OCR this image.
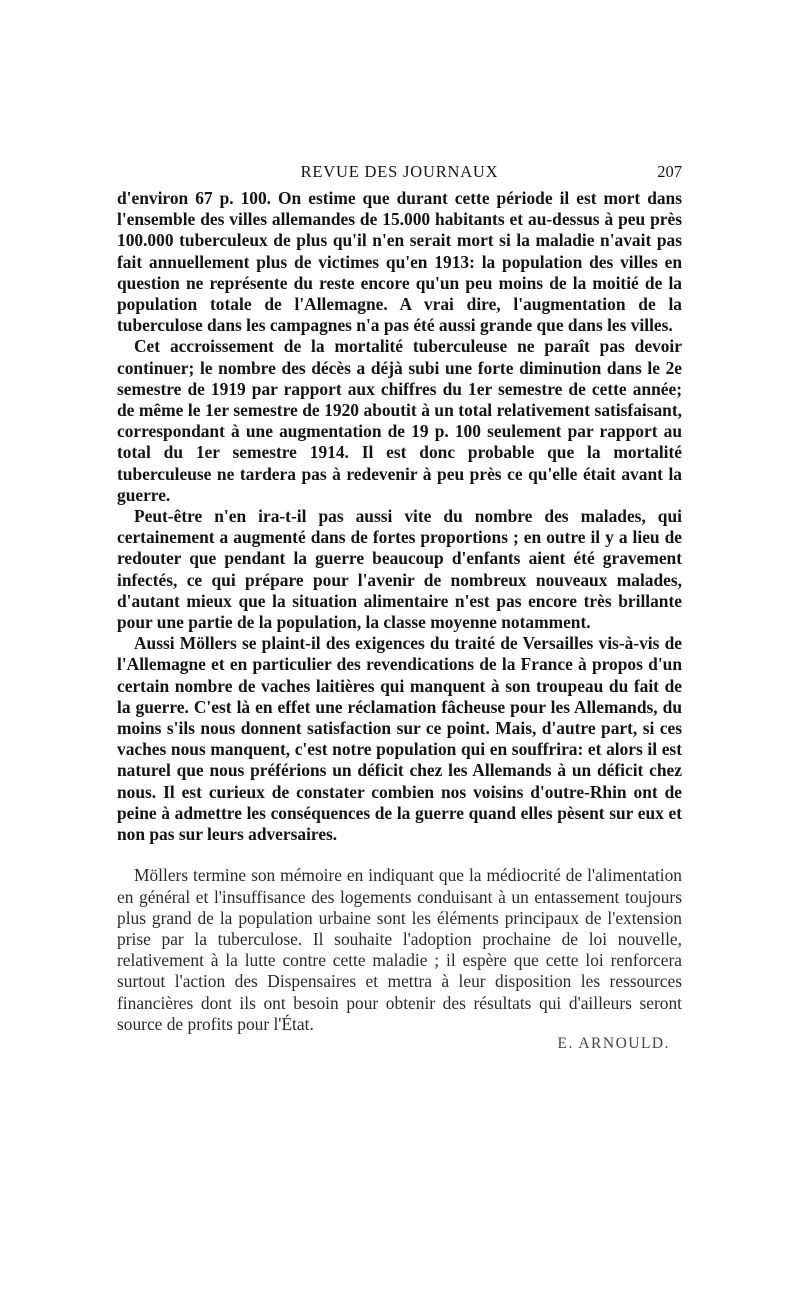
REVUE DES JOURNAUX	207

d'environ 67 p. 100. On estime que durant cette période il est mort dans l'ensemble des villes allemandes de 15.000 habitants et au-dessus à peu près 100.000 tuberculeux de plus qu'il n'en serait mort si la maladie n'avait pas fait annuellement plus de victimes qu'en 1913: la population des villes en question ne représente du reste encore qu'un peu moins de la moitié de la population totale de l'Allemagne. A vrai dire, l'augmentation de la tuberculose dans les campagnes n'a pas été aussi grande que dans les villes.

Cet accroissement de la mortalité tuberculeuse ne paraît pas devoir continuer; le nombre des décès a déjà subi une forte diminution dans le 2e semestre de 1919 par rapport aux chiffres du 1er semestre de cette année; de même le 1er semestre de 1920 aboutit à un total relativement satisfaisant, correspondant à une augmentation de 19 p. 100 seulement par rapport au total du 1er semestre 1914. Il est donc probable que la mortalité tuberculeuse ne tardera pas à redevenir à peu près ce qu'elle était avant la guerre.

Peut-être n'en ira-t-il pas aussi vite du nombre des malades, qui certainement a augmenté dans de fortes proportions ; en outre il y a lieu de redouter que pendant la guerre beaucoup d'enfants aient été gravement infectés, ce qui prépare pour l'avenir de nombreux nouveaux malades, d'autant mieux que la situation alimentaire n'est pas encore très brillante pour une partie de la population, la classe moyenne notamment.

Aussi Möllers se plaint-il des exigences du traité de Versailles vis-à-vis de l'Allemagne et en particulier des revendications de la France à propos d'un certain nombre de vaches laitières qui manquent à son troupeau du fait de la guerre. C'est là en effet une réclamation fâcheuse pour les Allemands, du moins s'ils nous donnent satisfaction sur ce point. Mais, d'autre part, si ces vaches nous manquent, c'est notre population qui en souffrira: et alors il est naturel que nous préférions un déficit chez les Allemands à un déficit chez nous. Il est curieux de constater combien nos voisins d'outre-Rhin ont de peine à admettre les conséquences de la guerre quand elles pèsent sur eux et non pas sur leurs adversaires.

Möllers termine son mémoire en indiquant que la médiocrité de l'alimentation en général et l'insuffisance des logements conduisant à un entassement toujours plus grand de la population urbaine sont les éléments principaux de l'extension prise par la tuberculose. Il souhaite l'adoption prochaine de loi nouvelle, relativement à la lutte contre cette maladie ; il espère que cette loi renforcera surtout l'action des Dispensaires et mettra à leur disposition les ressources financières dont ils ont besoin pour obtenir des résultats qui d'ailleurs seront source de profits pour l'État.

E. ARNOULD.
